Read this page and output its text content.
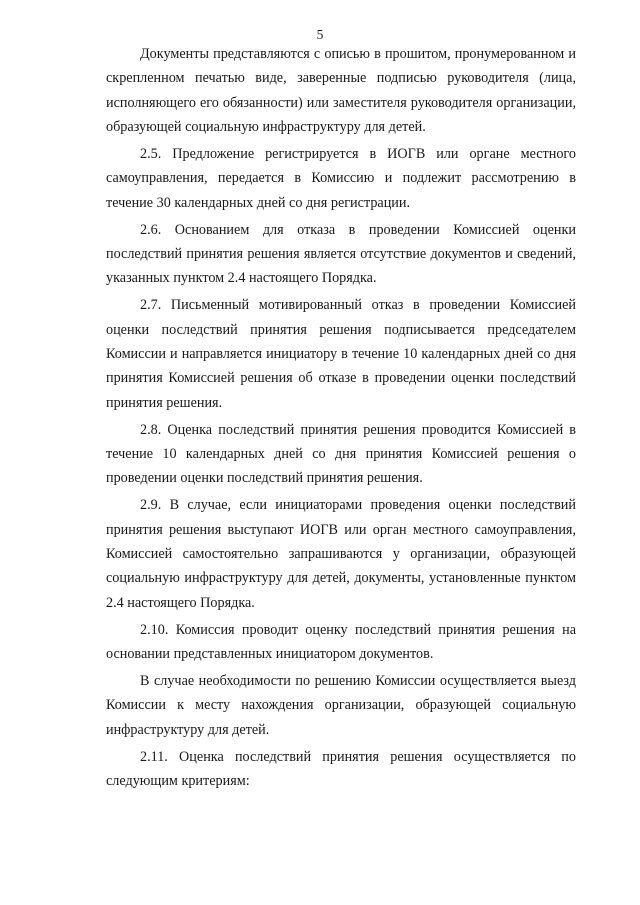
5

Документы представляются с описью в прошитом, пронумерованном и скрепленном печатью виде, заверенные подписью руководителя (лица, исполняющего его обязанности) или заместителя руководителя организации, образующей социальную инфраструктуру для детей.

2.5. Предложение регистрируется в ИОГВ или органе местного самоуправления, передается в Комиссию и подлежит рассмотрению в течение 30 календарных дней со дня регистрации.

2.6. Основанием для отказа в проведении Комиссией оценки последствий принятия решения является отсутствие документов и сведений, указанных пунктом 2.4 настоящего Порядка.

2.7. Письменный мотивированный отказ в проведении Комиссией оценки последствий принятия решения подписывается председателем Комиссии и направляется инициатору в течение 10 календарных дней со дня принятия Комиссией решения об отказе в проведении оценки последствий принятия решения.

2.8. Оценка последствий принятия решения проводится Комиссией в течение 10 календарных дней со дня принятия Комиссией решения о проведении оценки последствий принятия решения.

2.9. В случае, если инициаторами проведения оценки последствий принятия решения выступают ИОГВ или орган местного самоуправления, Комиссией самостоятельно запрашиваются у организации, образующей социальную инфраструктуру для детей, документы, установленные пунктом 2.4 настоящего Порядка.

2.10. Комиссия проводит оценку последствий принятия решения на основании представленных инициатором документов.

В случае необходимости по решению Комиссии осуществляется выезд Комиссии к месту нахождения организации, образующей социальную инфраструктуру для детей.

2.11. Оценка последствий принятия решения осуществляется по следующим критериям:
